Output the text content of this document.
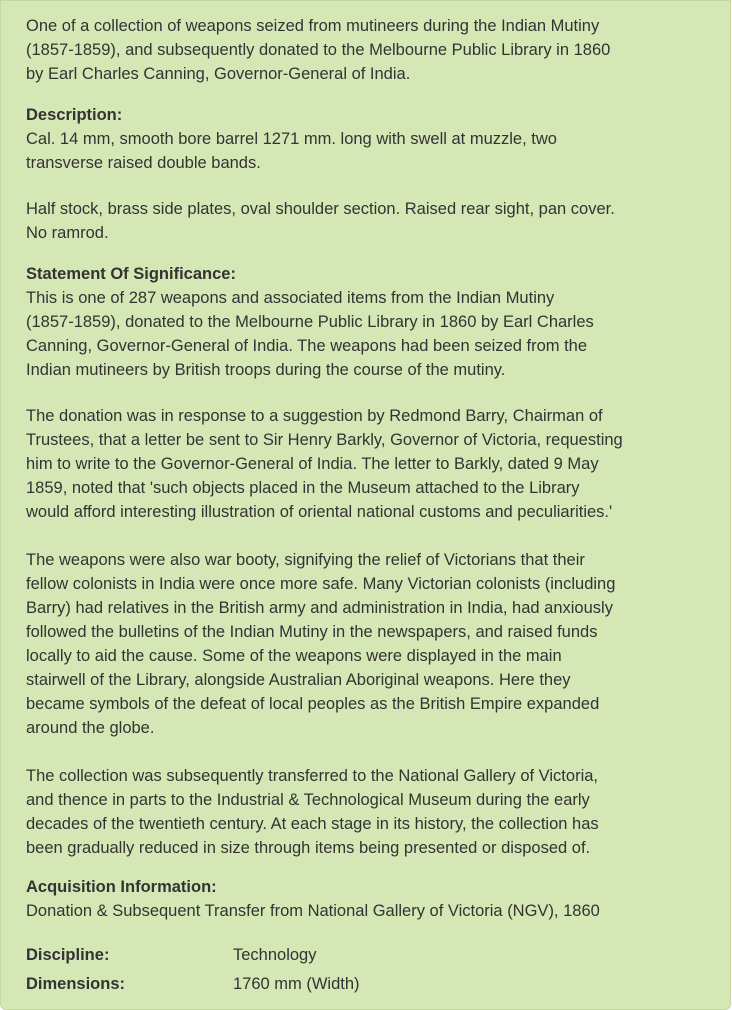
One of a collection of weapons seized from mutineers during the Indian Mutiny
(1857-1859), and subsequently donated to the Melbourne Public Library in 1860
by Earl Charles Canning, Governor-General of India.
Description:
Cal. 14 mm, smooth bore barrel 1271 mm. long with swell at muzzle, two
transverse raised double bands.
Half stock, brass side plates, oval shoulder section. Raised rear sight, pan cover.
No ramrod.
Statement Of Significance:
This is one of 287 weapons and associated items from the Indian Mutiny
(1857-1859), donated to the Melbourne Public Library in 1860 by Earl Charles
Canning, Governor-General of India. The weapons had been seized from the
Indian mutineers by British troops during the course of the mutiny.
The donation was in response to a suggestion by Redmond Barry, Chairman of
Trustees, that a letter be sent to Sir Henry Barkly, Governor of Victoria, requesting
him to write to the Governor-General of India. The letter to Barkly, dated 9 May
1859, noted that 'such objects placed in the Museum attached to the Library
would afford interesting illustration of oriental national customs and peculiarities.'
The weapons were also war booty, signifying the relief of Victorians that their
fellow colonists in India were once more safe. Many Victorian colonists (including
Barry) had relatives in the British army and administration in India, had anxiously
followed the bulletins of the Indian Mutiny in the newspapers, and raised funds
locally to aid the cause. Some of the weapons were displayed in the main
stairwell of the Library, alongside Australian Aboriginal weapons. Here they
became symbols of the defeat of local peoples as the British Empire expanded
around the globe.
The collection was subsequently transferred to the National Gallery of Victoria,
and thence in parts to the Industrial & Technological Museum during the early
decades of the twentieth century. At each stage in its history, the collection has
been gradually reduced in size through items being presented or disposed of.
Acquisition Information:
Donation & Subsequent Transfer from National Gallery of Victoria (NGV), 1860
Discipline:	Technology
Dimensions:	1760 mm (Width)
